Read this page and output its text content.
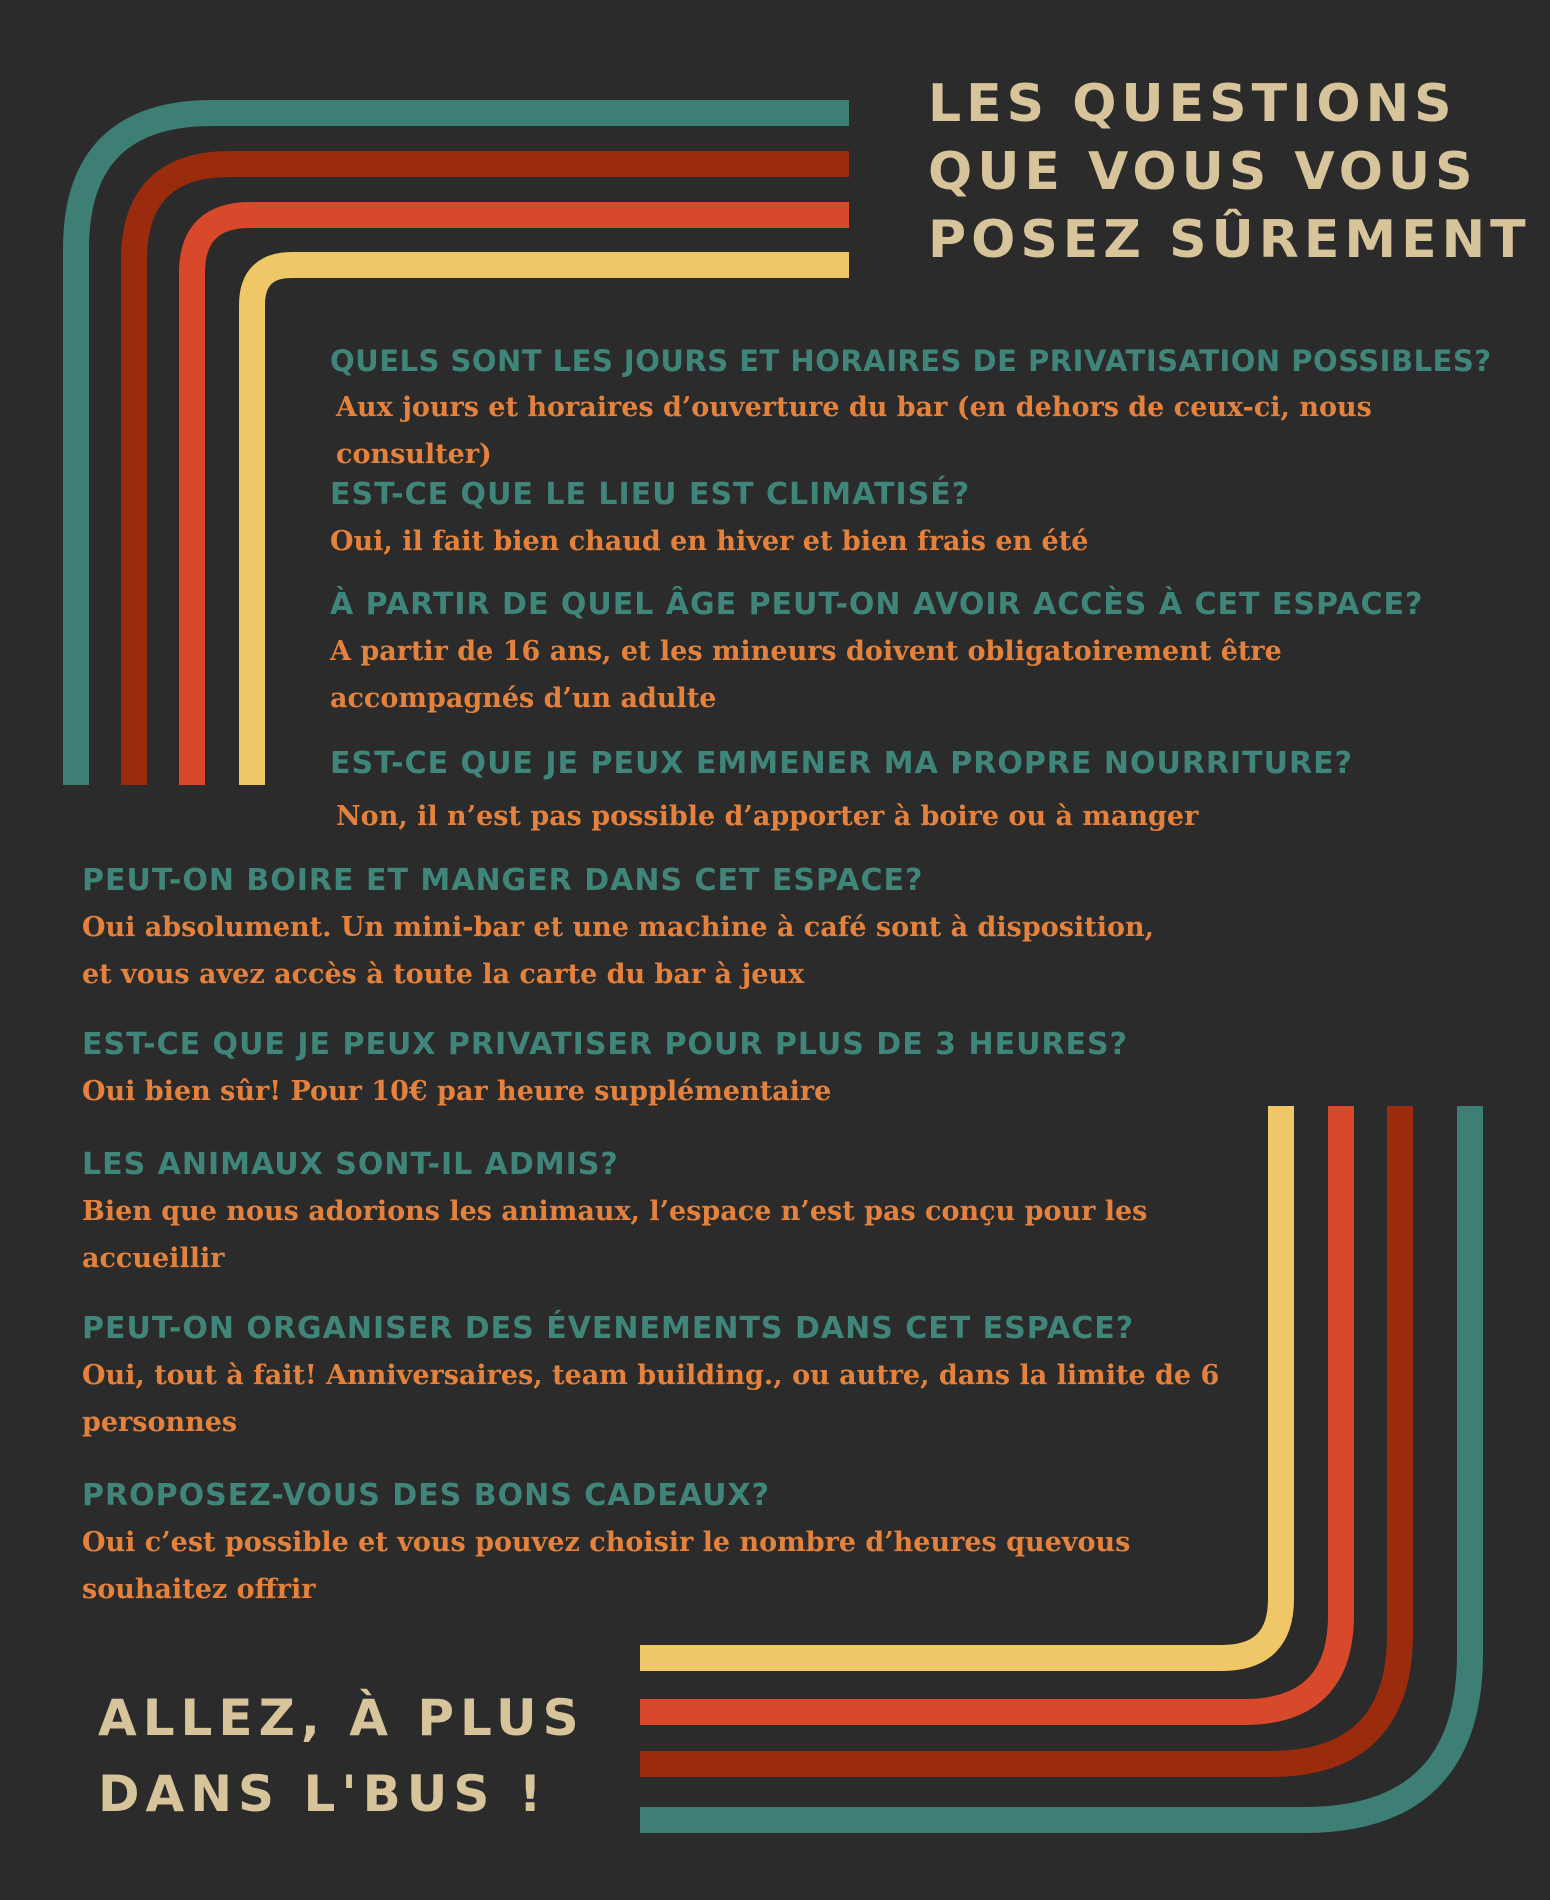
LES QUESTIONS
QUE VOUS VOUS
POSEZ SÛREMENT
QUELS SONT LES JOURS ET HORAIRES DE PRIVATISATION POSSIBLES?
Aux jours et horaires d’ouverture du bar (en dehors de ceux-ci, nous consulter)
EST-CE QUE LE LIEU EST CLIMATISÉ?
Oui, il fait bien chaud en hiver et bien frais en été
À PARTIR DE QUEL ÂGE PEUT-ON AVOIR ACCÈS À CET ESPACE?
A partir de 16 ans, et les mineurs doivent obligatoirement être accompagnés d’un adulte
EST-CE QUE JE PEUX EMMENER MA PROPRE NOURRITURE?
Non, il n’est pas possible d’apporter à boire ou à manger
PEUT-ON BOIRE ET MANGER DANS CET ESPACE?
Oui absolument. Un mini-bar et une machine à café sont à disposition, et vous avez accès à toute la carte du bar à jeux
EST-CE QUE JE PEUX PRIVATISER POUR PLUS DE 3 HEURES?
Oui bien sûr! Pour 10€ par heure supplémentaire
LES ANIMAUX SONT-IL ADMIS?
Bien que nous adorions les animaux, l’espace n’est pas conçu pour les accueillir
PEUT-ON ORGANISER DES ÉVENEMENTS DANS CET ESPACE?
Oui, tout à fait! Anniversaires, team building., ou autre, dans la limite de 6 personnes
PROPOSEZ-VOUS DES BONS CADEAUX?
Oui c’est possible et vous pouvez choisir le nombre d’heures quevous souhaitez offrir
ALLEZ, À PLUS
DANS L'BUS !
